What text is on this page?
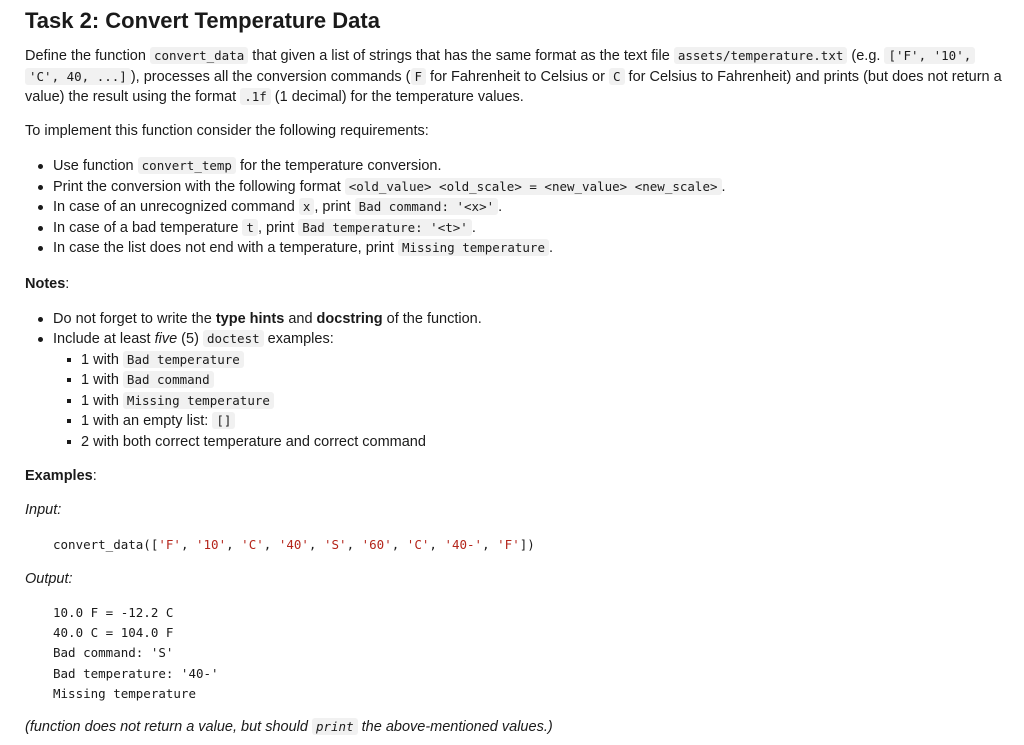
Task 2: Convert Temperature Data

Define the function convert_data that given a list of strings that has the same format as the text file assets/temperature.txt (e.g. ['F', '10',

'C', 40, ...] ), processes all the conversion commands ( F for Fahrenheit to Celsius or C for Celsius to Fahrenheit) and prints (but does not return a

value) the result using the format .1f (1 decimal) for the temperature values.

To implement this function consider the following requirements:

Use function convert_temp for the temperature conversion.
Print the conversion with the following format <old_value> <old_scale> = <new_value> <new_scale> .
In case of an unrecognized command x , print Bad command: '<x>' .
In case of a bad temperature t , print Bad temperature: '<t>' .
In case the list does not end with a temperature, print Missing temperature .

Notes:

Do not forget to write the type hints and docstring of the function.
Include at least five (5) doctest examples:
1 with Bad temperature
1 with Bad command
1 with Missing temperature
1 with an empty list: []
2 with both correct temperature and correct command

Examples:

Input:

convert_data(['F', '10', 'C', '40', 'S', '60', 'C', '40-', 'F'])

Output:

10.0 F = -12.2 C
40.0 C = 104.0 F
Bad command: 'S'
Bad temperature: '40-'
Missing temperature

(function does not return a value, but should print the above-mentioned values.)
